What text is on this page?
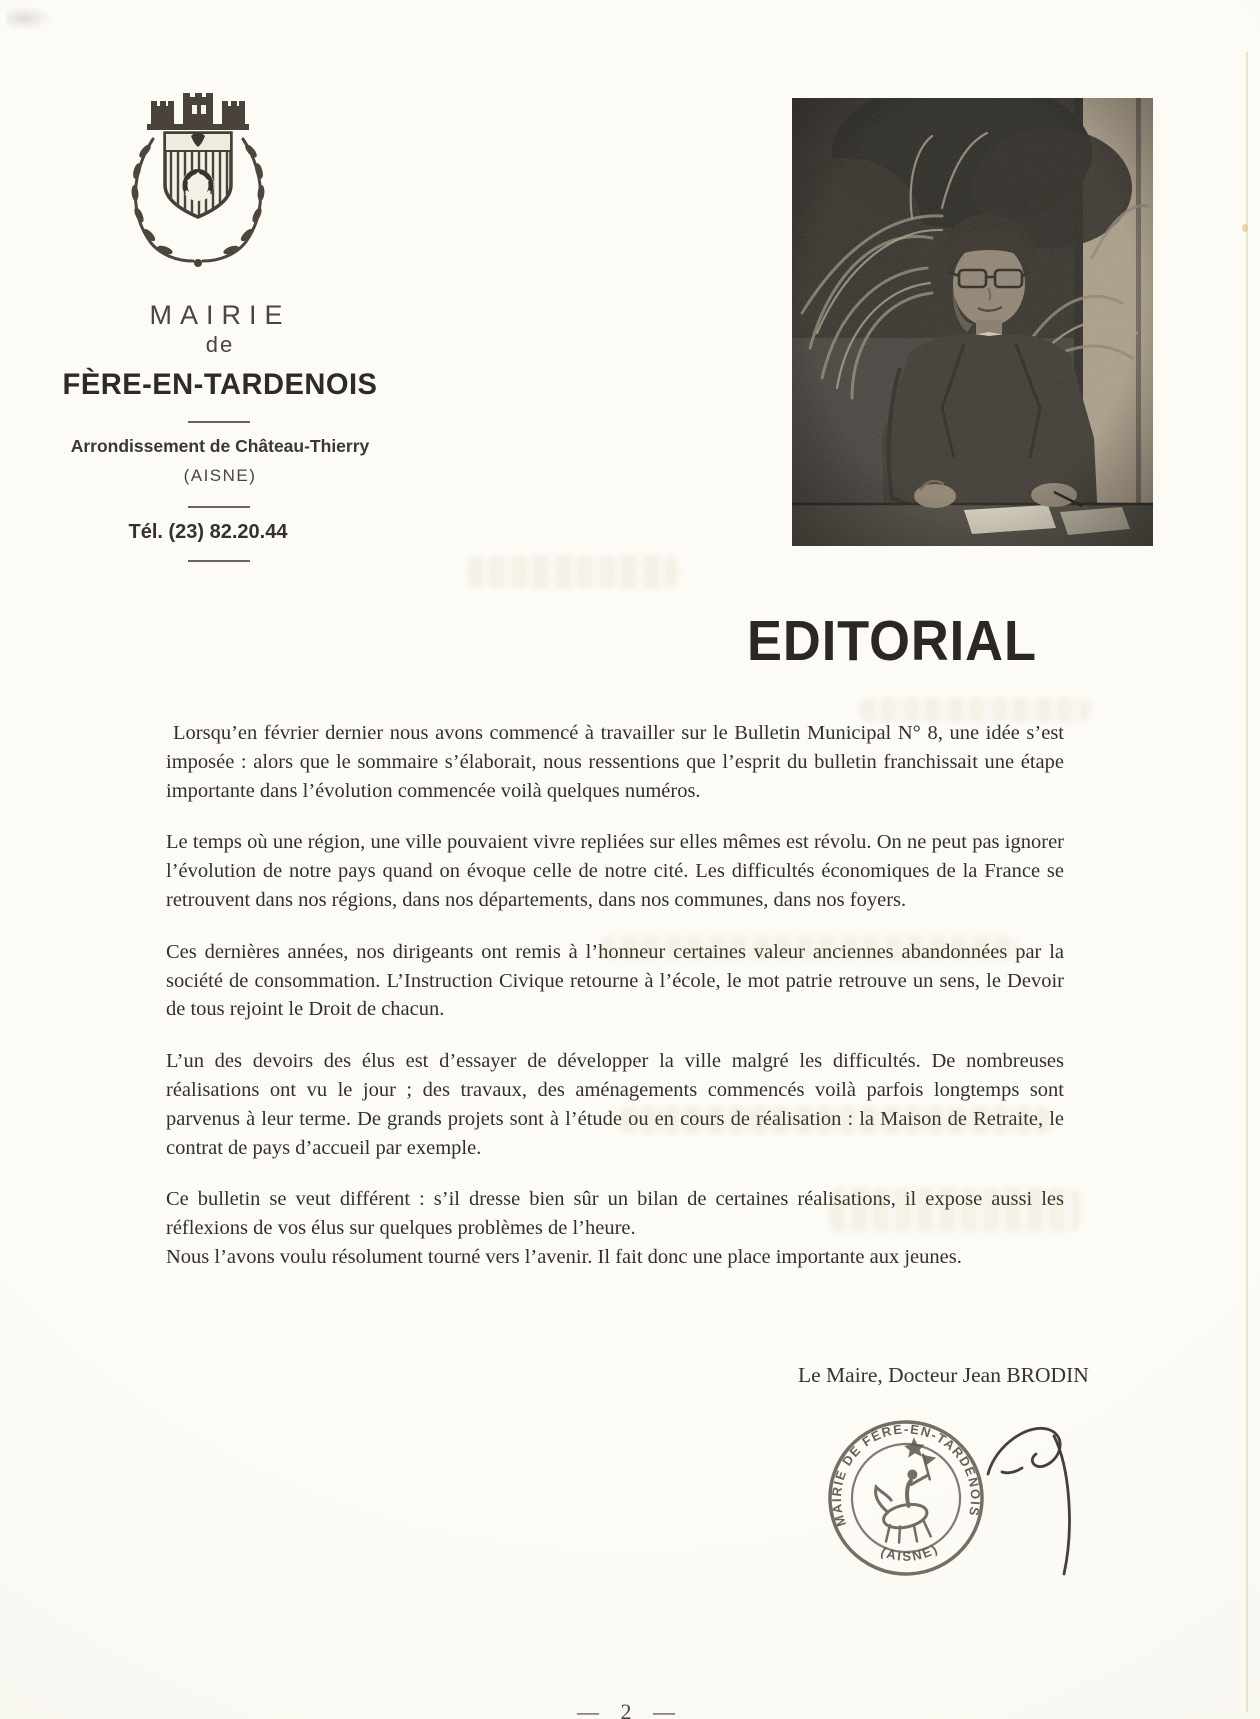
MAIRIE
de
FÈRE-EN-TARDENOIS
Arrondissement de Château-Thierry
(AISNE)
Tél. (23) 82.20.44
EDITORIAL

Lorsqu’en février dernier nous avons commencé à travailler sur le Bulletin Municipal N° 8, une idée s’est imposée : alors que le sommaire s’élaborait, nous ressentions que l’esprit du bulletin franchissait une étape importante dans l’évolution commencée voilà quelques numéros.

Le temps où une région, une ville pouvaient vivre repliées sur elles mêmes est révolu. On ne peut pas ignorer l’évolution de notre pays quand on évoque celle de notre cité. Les difficultés économiques de la France se retrouvent dans nos régions, dans nos départements, dans nos communes, dans nos foyers.

Ces dernières années, nos dirigeants ont remis à l’honneur certaines valeur anciennes abandonnées par la société de consommation. L’Instruction Civique retourne à l’école, le mot patrie retrouve un sens, le Devoir de tous rejoint le Droit de chacun.

L’un des devoirs des élus est d’essayer de développer la ville malgré les difficultés. De nombreuses réalisations ont vu le jour ; des travaux, des aménagements commencés voilà parfois longtemps sont parvenus à leur terme. De grands projets sont à l’étude ou en cours de réalisation : la Maison de Retraite, le contrat de pays d’accueil par exemple.

Ce bulletin se veut différent : s’il dresse bien sûr un bilan de certaines réalisations, il expose aussi les réflexions de vos élus sur quelques problèmes de l’heure.

Nous l’avons voulu résolument tourné vers l’avenir. Il fait donc une place importante aux jeunes.

Le Maire, Docteur Jean BRODIN
MAIRIE DE FÈRE-EN-TARDENOIS
(AISNE)
— 2 —
